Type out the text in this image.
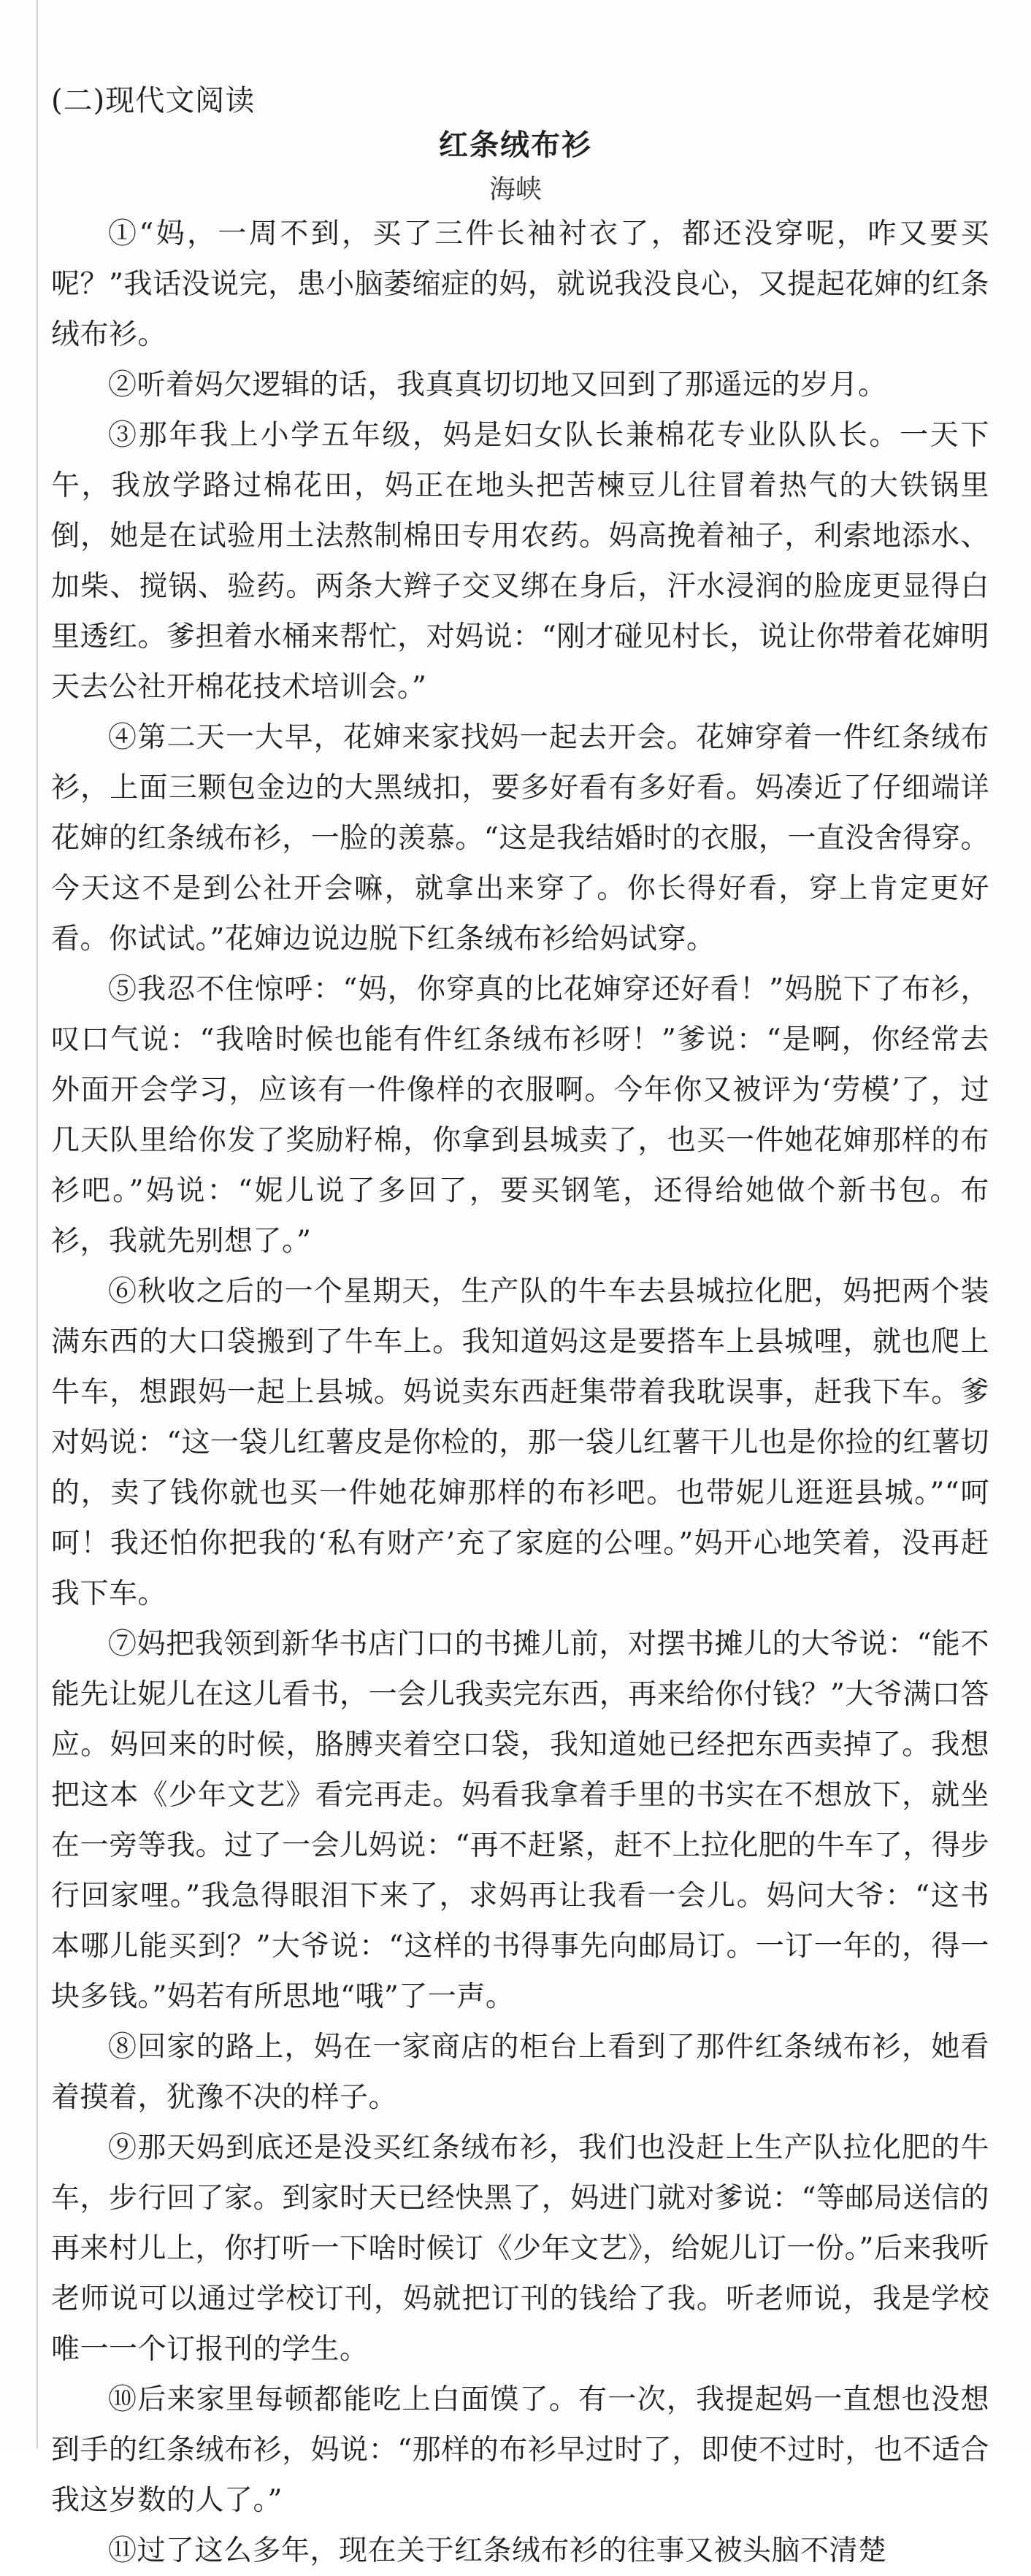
(二)现代文阅读
红条绒布衫
海峡

①“妈，一周不到，买了三件长袖衬衣了，都还没穿呢，咋又要买呢？”我话没说完，患小脑萎缩症的妈，就说我没良心，又提起花婶的红条绒布衫。

②听着妈欠逻辑的话，我真真切切地又回到了那遥远的岁月。

③那年我上小学五年级，妈是妇女队长兼棉花专业队队长。一天下午，我放学路过棉花田，妈正在地头把苦楝豆儿往冒着热气的大铁锅里倒，她是在试验用土法熬制棉田专用农药。妈高挽着袖子，利索地添水、加柴、搅锅、验药。两条大辫子交叉绑在身后，汗水浸润的脸庞更显得白里透红。爹担着水桶来帮忙，对妈说：“刚才碰见村长，说让你带着花婶明天去公社开棉花技术培训会。”

④第二天一大早，花婶来家找妈一起去开会。花婶穿着一件红条绒布衫，上面三颗包金边的大黑绒扣，要多好看有多好看。妈凑近了仔细端详花婶的红条绒布衫，一脸的羡慕。“这是我结婚时的衣服，一直没舍得穿。今天这不是到公社开会嘛，就拿出来穿了。你长得好看，穿上肯定更好看。你试试。”花婶边说边脱下红条绒布衫给妈试穿。

⑤我忍不住惊呼：“妈，你穿真的比花婶穿还好看！”妈脱下了布衫，叹口气说：“我啥时候也能有件红条绒布衫呀！”爹说：“是啊，你经常去外面开会学习，应该有一件像样的衣服啊。今年你又被评为‘劳模’了，过几天队里给你发了奖励籽棉，你拿到县城卖了，也买一件她花婶那样的布衫吧。”妈说：“妮儿说了多回了，要买钢笔，还得给她做个新书包。布衫，我就先别想了。”

⑥秋收之后的一个星期天，生产队的牛车去县城拉化肥，妈把两个装满东西的大口袋搬到了牛车上。我知道妈这是要搭车上县城哩，就也爬上牛车，想跟妈一起上县城。妈说卖东西赶集带着我耽误事，赶我下车。爹对妈说：“这一袋儿红薯皮是你检的，那一袋儿红薯干儿也是你捡的红薯切的，卖了钱你就也买一件她花婶那样的布衫吧。也带妮儿逛逛县城。”“呵呵！我还怕你把我的‘私有财产’充了家庭的公哩。”妈开心地笑着，没再赶我下车。

⑦妈把我领到新华书店门口的书摊儿前，对摆书摊儿的大爷说：“能不能先让妮儿在这儿看书，一会儿我卖完东西，再来给你付钱？”大爷满口答应。妈回来的时候，胳膊夹着空口袋，我知道她已经把东西卖掉了。我想把这本《少年文艺》看完再走。妈看我拿着手里的书实在不想放下，就坐在一旁等我。过了一会儿妈说：“再不赶紧，赶不上拉化肥的牛车了，得步行回家哩。”我急得眼泪下来了，求妈再让我看一会儿。妈问大爷：“这书本哪儿能买到？”大爷说：“这样的书得事先向邮局订。一订一年的，得一块多钱。”妈若有所思地“哦”了一声。

⑧回家的路上，妈在一家商店的柜台上看到了那件红条绒布衫，她看着摸着，犹豫不决的样子。

⑨那天妈到底还是没买红条绒布衫，我们也没赶上生产队拉化肥的牛车，步行回了家。到家时天已经快黑了，妈进门就对爹说：“等邮局送信的再来村儿上，你打听一下啥时候订《少年文艺》，给妮儿订一份。”后来我听老师说可以通过学校订刊，妈就把订刊的钱给了我。听老师说，我是学校唯一一个订报刊的学生。

⑩后来家里每顿都能吃上白面馍了。有一次，我提起妈一直想也没想到手的红条绒布衫，妈说：“那样的布衫早过时了，即使不过时，也不适合我这岁数的人了。”

⑪过了这么多年，现在关于红条绒布衫的往事又被头脑不清楚
